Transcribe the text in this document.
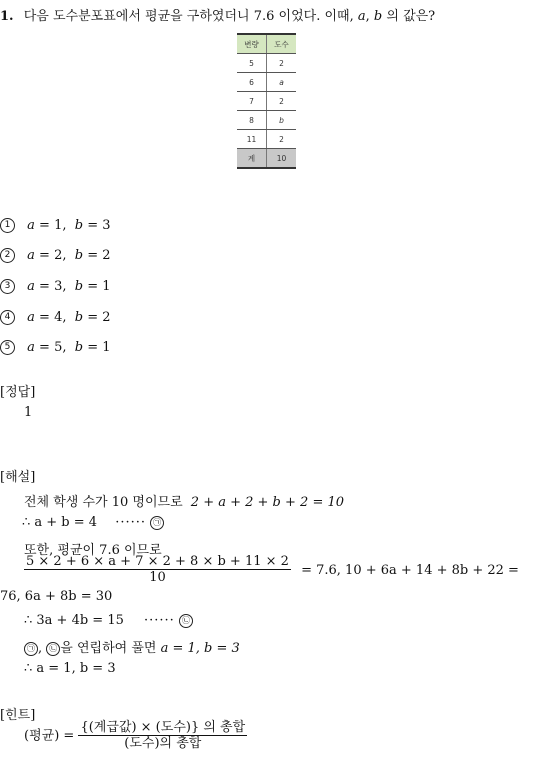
1. 다음 도수분포표에서 평균을 구하였더니 7.6 이었다. 이때, a, b 의 값은?
변량	도수
5	2
6	a
7	2
8	b
11	2
계	10
1 a = 1,  b = 3
2 a = 2,  b = 2
3 a = 3,  b = 1
4 a = 4,  b = 2
5 a = 5,  b = 1
[정답]
1
[해설]
전체 학생 수가 10 명이므로 2 + a + 2 + b + 2 = 10
∴ a + b = 4 ······ ㉠
또한, 평균이 7.6 이므로
$\frac{5 \times 2 + 6 \times a + 7 \times 2 + 8 \times b + 11 \times 2}{10} = 7.6$, 10 + 6a + 14 + 8b + 22 =
76, 6a + 8b = 30
∴ 3a + 4b = 15 ······ ㉡
㉠ , ㉡ 을 연립하여 풀면 a = 1, b = 3
∴ a = 1, b = 3
[힌트]
(평균) = $\frac{\text{\{(계급값) × (도수)\} 의 총합}}{\text{(도수)의 총합}}$
